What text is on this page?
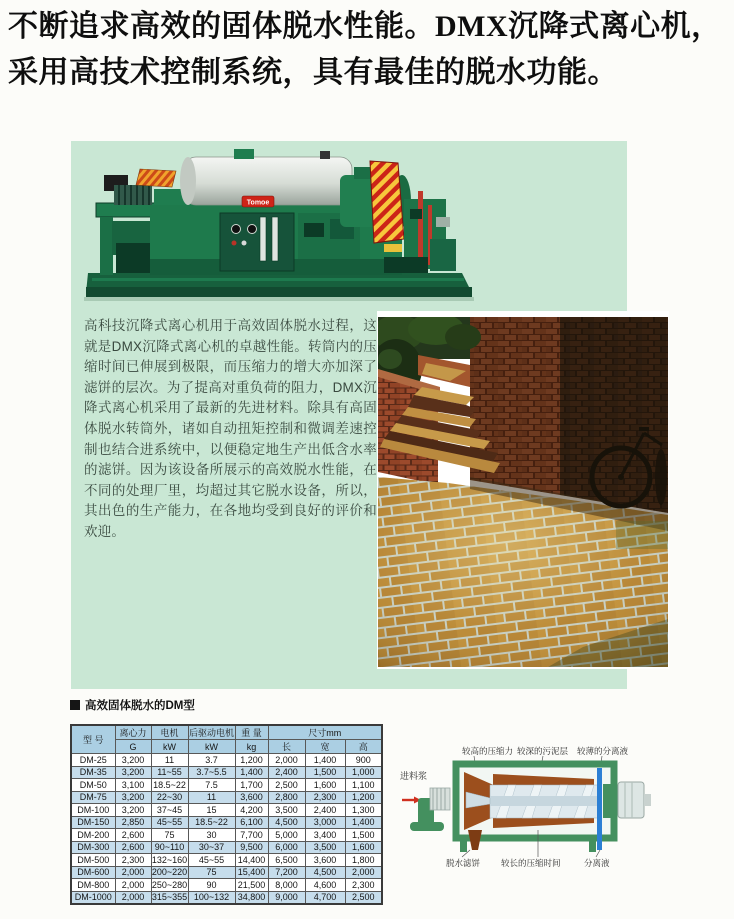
不断追求高效的固体脱水性能。DMX沉降式离心机，
采用高技术控制系统，具有最佳的脱水功能。
Tomoe
高科技沉降式离心机用于高效固体脱水过程，这就是DMX沉降式离心机的卓越性能。转筒内的压缩时间已伸展到极限，而压缩力的增大亦加深了滤饼的层次。为了提高对重负荷的阻力，DMX沉降式离心机采用了最新的先进材料。除具有高固体脱水转筒外，诸如自动扭矩控制和微调差速控制也结合进系统中，以便稳定地生产出低含水率的滤饼。因为该设备所展示的高效脱水性能，在不同的处理厂里，均超过其它脱水设备，所以，其出色的生产能力，在各地均受到良好的评价和欢迎。
高效固体脱水的DM型
型 号	离心力	电机	后驱动电机	重 量	尺寸mm		
	G	kW	kW	kg	长	宽	高
DM-25	3,200	11	3.7	1,200	2,000	1,400	900
DM-35	3,200	11~55	3.7~5.5	1,400	2,400	1,500	1,000
DM-50	3,100	18.5~22	7.5	1,700	2,500	1,600	1,100
DM-75	3,200	22~30	11	3,600	2,800	2,300	1,200
DM-100	3,200	37~45	15	4,200	3,500	2,400	1,300
DM-150	2,850	45~55	18.5~22	6,100	4,500	3,000	1,400
DM-200	2,600	75	30	7,700	5,000	3,400	1,500
DM-300	2,600	90~110	30~37	9,500	6,000	3,500	1,600
DM-500	2,300	132~160	45~55	14,400	6,500	3,600	1,800
DM-600	2,000	200~220	75	15,400	7,200	4,500	2,000
DM-800	2,000	250~280	90	21,500	8,000	4,600	2,300
DM-1000	2,000	315~355	100~132	34,800	9,000	4,700	2,500
较高的压缩力 较深的污泥层 较薄的分离液
进料浆
脱水滤饼 较长的压缩时间	分离液
